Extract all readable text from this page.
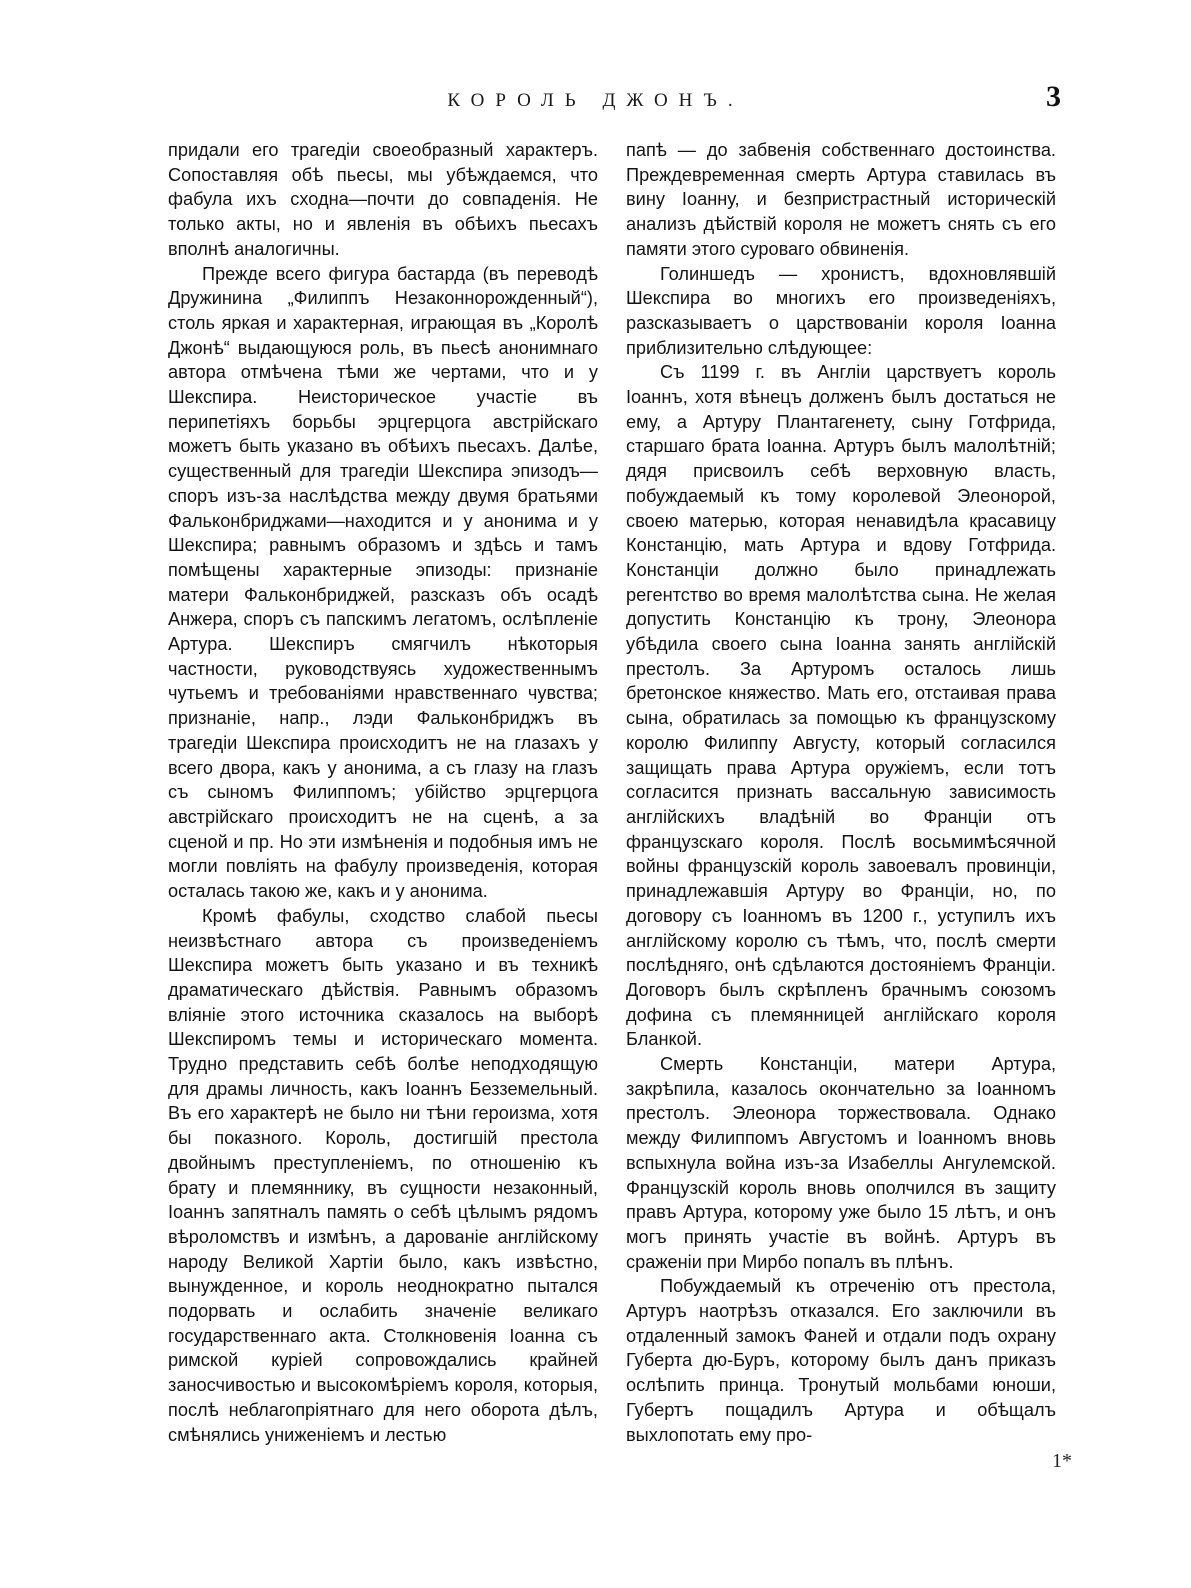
КОРОЛЬ ДЖОНЪ.	3

придали его трагедіи своеобразный характеръ. Сопоставляя обѣ пьесы, мы убѣждаемся, что фабула ихъ сходна—почти до совпаденія. Не только акты, но и явленія въ обѣихъ пьесахъ вполнѣ аналогичны.

Прежде всего фигура бастарда (въ переводѣ Дружинина „Филиппъ Незаконнорожденный“), столь яркая и характерная, играющая въ „Королѣ Джонѣ“ выдающуюся роль, въ пьесѣ анонимнаго автора отмѣчена тѣми же чертами, что и у Шекспира. Неисторическое участіе въ перипетіяхъ борьбы эрцгерцога австрійскаго можетъ быть указано въ обѣихъ пьесахъ. Далѣе, существенный для трагедіи Шекспира эпизодъ—споръ изъ-за наслѣдства между двумя братьями Фальконбриджами—находится и у анонима и у Шекспира; равнымъ образомъ и здѣсь и тамъ помѣщены характерные эпизоды: признаніе матери Фальконбриджей, разсказъ объ осадѣ Анжера, споръ съ папскимъ легатомъ, ослѣпленіе Артура. Шекспиръ смягчилъ нѣкоторыя частности, руководствуясь художественнымъ чутьемъ и требованіями нравственнаго чувства; признаніе, напр., лэди Фальконбриджъ въ трагедіи Шекспира происходитъ не на глазахъ у всего двора, какъ у анонима, а съ глазу на глазъ съ сыномъ Филиппомъ; убійство эрцгерцога австрійскаго происходитъ не на сценѣ, а за сценой и пр. Но эти измѣненія и подобныя имъ не могли повліять на фабулу произведенія, которая осталась такою же, какъ и у анонима.

Кромѣ фабулы, сходство слабой пьесы неизвѣстнаго автора съ произведеніемъ Шекспира можетъ быть указано и въ техникѣ драматическаго дѣйствія. Равнымъ образомъ вліяніе этого источника сказалось на выборѣ Шекспиромъ темы и историческаго момента. Трудно представить себѣ болѣе неподходящую для драмы личность, какъ Іоаннъ Безземельный. Въ его характерѣ не было ни тѣни героизма, хотя бы показного. Король, достигшій престола двойнымъ преступленіемъ, по отношенію къ брату и племяннику, въ сущности незаконный, Іоаннъ запятналъ память о себѣ цѣлымъ рядомъ вѣроломствъ и измѣнъ, а дарованіе англійскому народу Великой Хартіи было, какъ извѣстно, вынужденное, и король неоднократно пытался подорвать и ослабить значеніе великаго государственнаго акта. Столкновенія Іоанна съ римской куріей сопровождались крайней заносчивостью и высокомѣріемъ короля, которыя, послѣ неблагопріятнаго для него оборота дѣлъ, смѣнялись униженіемъ и лестью

папѣ — до забвенія собственнаго достоинства. Преждевременная смерть Артура ставилась въ вину Іоанну, и безпристрастный историческій анализъ дѣйствій короля не можетъ снять съ его памяти этого суроваго обвиненія.

Голиншедъ — хронистъ, вдохновлявшій Шекспира во многихъ его произведеніяхъ, разсказываетъ о царствованіи короля Іоанна приблизительно слѣдующее:

Съ 1199 г. въ Англіи царствуетъ король Іоаннъ, хотя вѣнецъ долженъ былъ достаться не ему, а Артуру Плантагенету, сыну Готфрида, старшаго брата Іоанна. Артуръ былъ малолѣтній; дядя присвоилъ себѣ верховную власть, побуждаемый къ тому королевой Элеонорой, своею матерью, которая ненавидѣла красавицу Констанцію, мать Артура и вдову Готфрида. Констанціи должно было принадлежать регентство во время малолѣтства сына. Не желая допустить Констанцію къ трону, Элеонора убѣдила своего сына Іоанна занять англійскій престолъ. За Артуромъ осталось лишь бретонское княжество. Мать его, отстаивая права сына, обратилась за помощью къ французскому королю Филиппу Августу, который согласился защищать права Артура оружіемъ, если тотъ согласится признать вассальную зависимость англійскихъ владѣній во Франціи отъ французскаго короля. Послѣ восьмимѣсячной войны французскій король завоевалъ провинціи, принадлежавшія Артуру во Франціи, но, по договору съ Іоанномъ въ 1200 г., уступилъ ихъ англійскому королю съ тѣмъ, что, послѣ смерти послѣдняго, онѣ сдѣлаются достояніемъ Франціи. Договоръ былъ скрѣпленъ брачнымъ союзомъ дофина съ племянницей англійскаго короля Бланкой.

Смерть Констанціи, матери Артура, закрѣпила, казалось окончательно за Іоанномъ престолъ. Элеонора торжествовала. Однако между Филиппомъ Августомъ и Іоанномъ вновь вспыхнула война изъ-за Изабеллы Ангулемской. Французскій король вновь ополчился въ защиту правъ Артура, которому уже было 15 лѣтъ, и онъ могъ принять участіе въ войнѣ. Артуръ въ сраженіи при Мирбо попалъ въ плѣнъ.

Побуждаемый къ отреченію отъ престола, Артуръ наотрѣзъ отказался. Его заключили въ отдаленный замокъ Фаней и отдали подъ охрану Губерта дю-Буръ, которому былъ данъ приказъ ослѣпить принца. Тронутый мольбами юноши, Губертъ пощадилъ Артура и обѣщалъ выхлопотать ему про-

1*
